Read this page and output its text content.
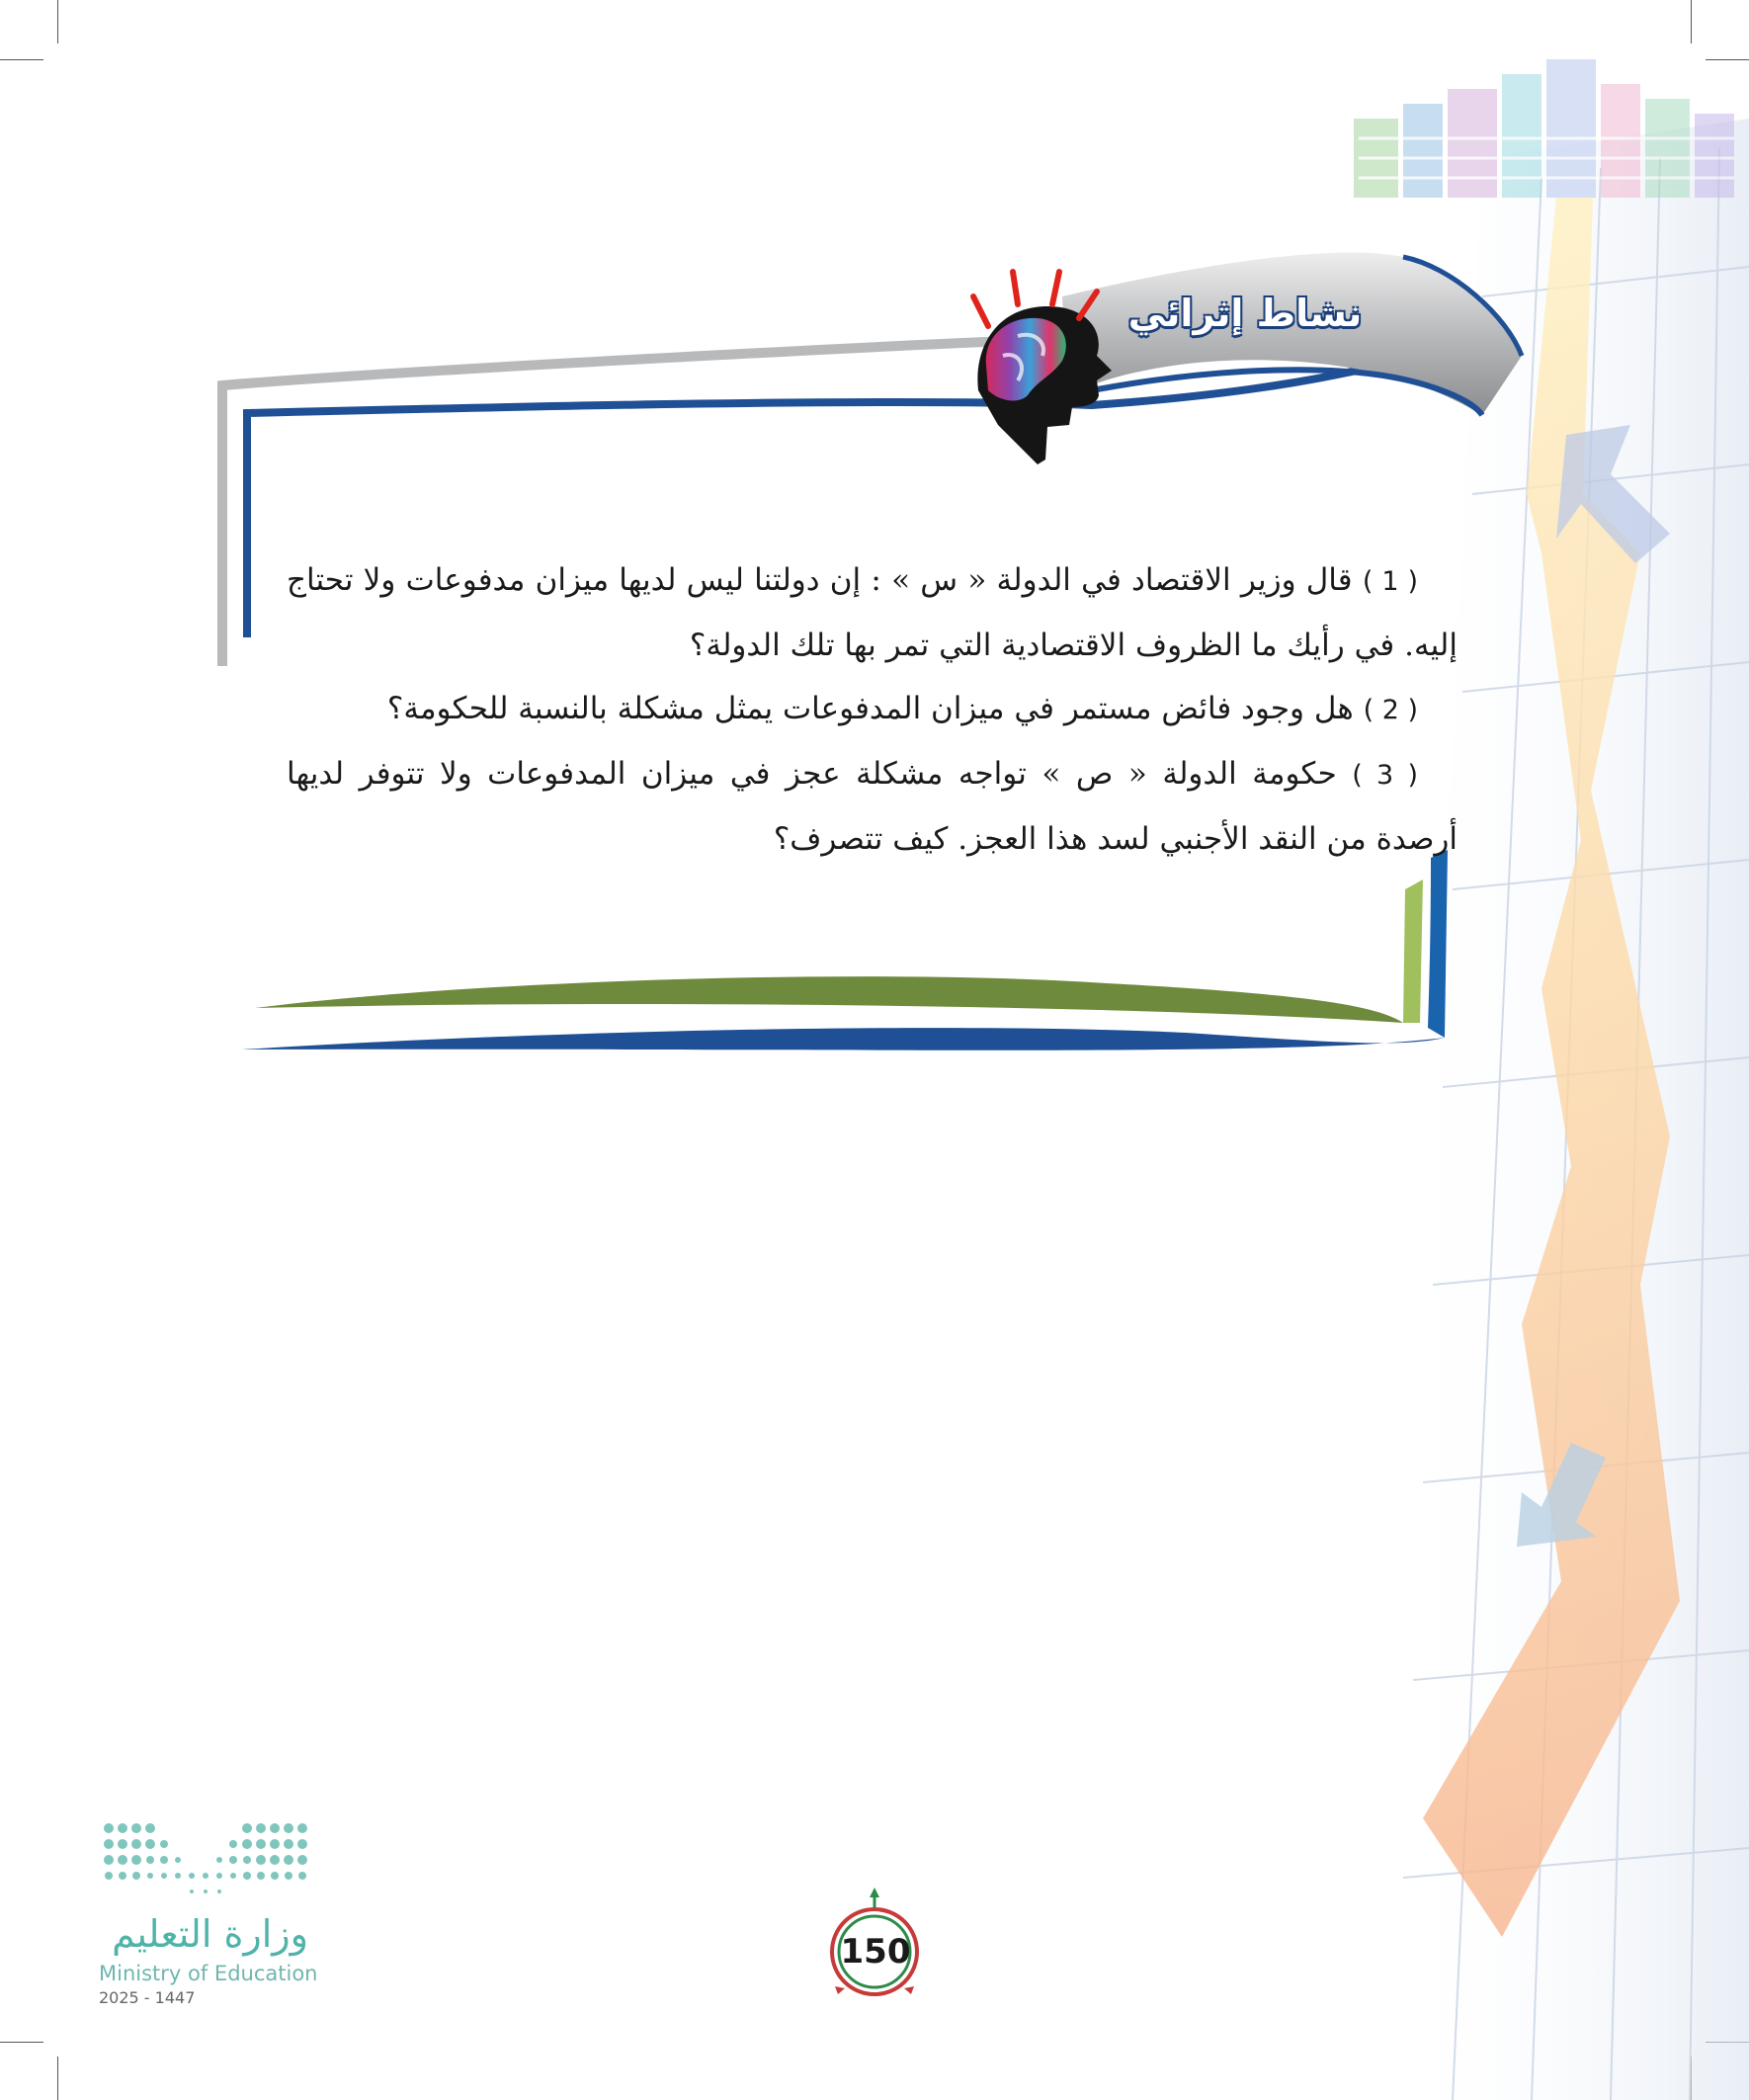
نشاط إثرائي

( 1 ) قال وزير الاقتصاد في الدولة « س » : إن دولتنا ليس لديها ميزان مدفوعات ولا تحتاج إليه. في رأيك ما الظروف الاقتصادية التي تمر بها تلك الدولة؟

( 2 ) هل وجود فائض مستمر في ميزان المدفوعات يمثل مشكلة بالنسبة للحكومة؟

( 3 ) حكومة الدولة « ص » تواجه مشكلة عجز في ميزان المدفوعات ولا تتوفر لديها أرصدة من النقد الأجنبي لسد هذا العجز. كيف تتصرف؟

150
وزارة التعليم
Ministry of Education
2025 - 1447
